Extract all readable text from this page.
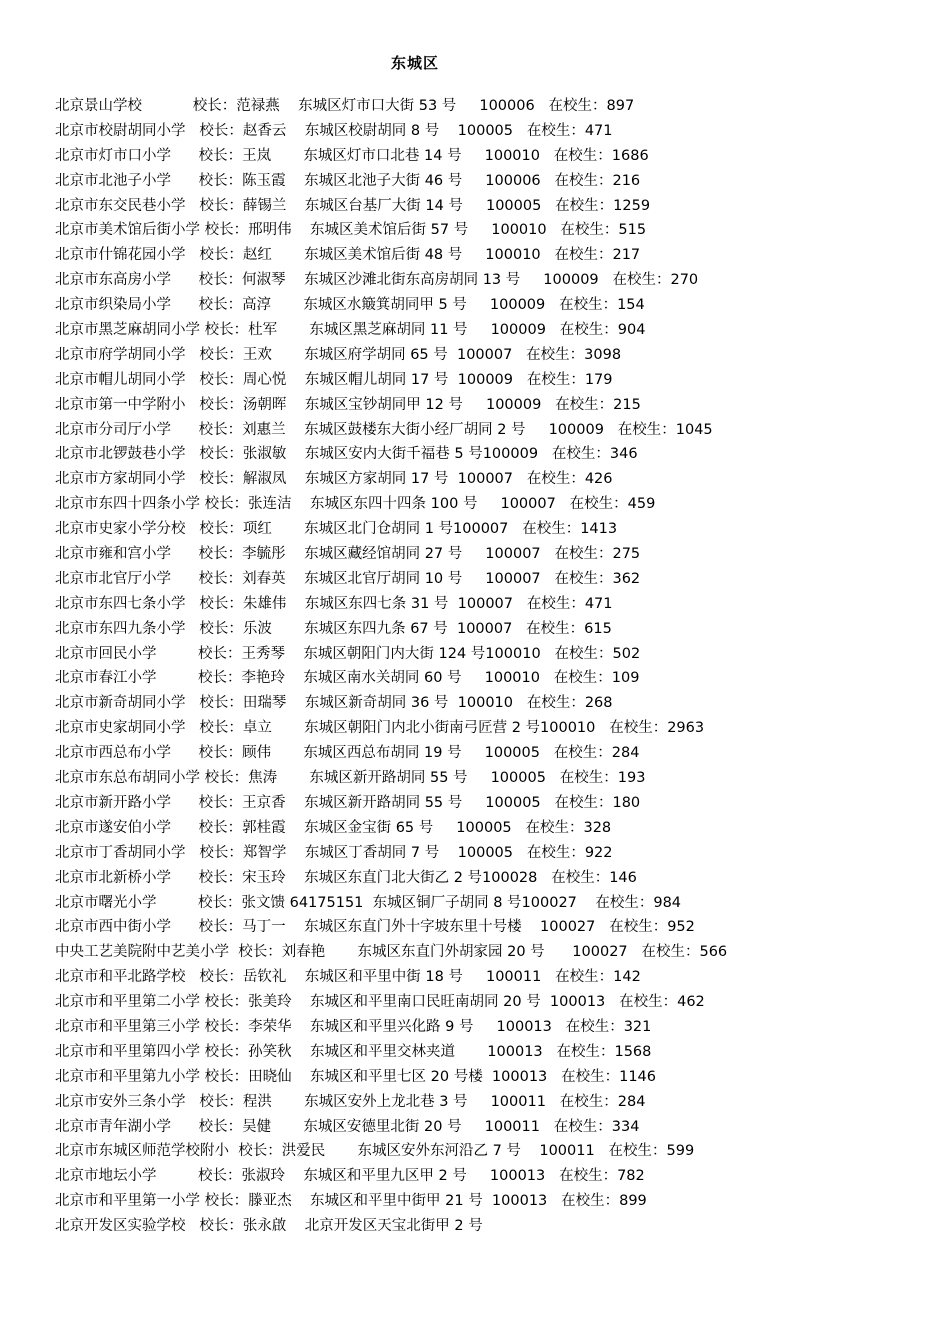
东城区
北京景山学校           校长：范禄燕    东城区灯市口大街 53 号     100006   在校生：897
北京市校尉胡同小学   校长：赵香云    东城区校尉胡同 8 号    100005   在校生：471
北京市灯市口小学      校长：王岚       东城区灯市口北巷 14 号     100010   在校生：1686
北京市北池子小学      校长：陈玉霞    东城区北池子大街 46 号     100006   在校生：216
北京市东交民巷小学   校长：薛锡兰    东城区台基厂大街 14 号     100005   在校生：1259
北京市美术馆后街小学 校长：邢明伟    东城区美术馆后街 57 号     100010   在校生：515
北京市什锦花园小学   校长：赵红       东城区美术馆后街 48 号     100010   在校生：217
北京市东高房小学      校长：何淑琴    东城区沙滩北街东高房胡同 13 号     100009   在校生：270
北京市织染局小学      校长：高淳       东城区水簸箕胡同甲 5 号     100009   在校生：154
北京市黑芝麻胡同小学 校长：杜军       东城区黑芝麻胡同 11 号     100009   在校生：904
北京市府学胡同小学   校长：王欢       东城区府学胡同 65 号  100007   在校生：3098
北京市帽儿胡同小学   校长：周心悦    东城区帽儿胡同 17 号  100009   在校生：179
北京市第一中学附小   校长：汤朝晖    东城区宝钞胡同甲 12 号     100009   在校生：215
北京市分司厅小学      校长：刘惠兰    东城区鼓楼东大街小经厂胡同 2 号     100009   在校生：1045
北京市北锣鼓巷小学   校长：张淑敏    东城区安内大街千福巷 5 号100009   在校生：346
北京市方家胡同小学   校长：解淑凤    东城区方家胡同 17 号  100007   在校生：426
北京市东四十四条小学 校长：张连洁    东城区东四十四条 100 号     100007   在校生：459
北京市史家小学分校   校长：项红       东城区北门仓胡同 1 号100007   在校生：1413
北京市雍和宫小学      校长：李毓彤    东城区藏经馆胡同 27 号     100007   在校生：275
北京市北官厅小学      校长：刘春英    东城区北官厅胡同 10 号     100007   在校生：362
北京市东四七条小学   校长：朱雄伟    东城区东四七条 31 号  100007   在校生：471
北京市东四九条小学   校长：乐波       东城区东四九条 67 号  100007   在校生：615
北京市回民小学         校长：王秀琴    东城区朝阳门内大街 124 号100010   在校生：502
北京市春江小学         校长：李艳玲    东城区南水关胡同 60 号     100010   在校生：109
北京市新奇胡同小学   校长：田瑞琴    东城区新奇胡同 36 号  100010   在校生：268
北京市史家胡同小学   校长：卓立       东城区朝阳门内北小街南弓匠营 2 号100010   在校生：2963
北京市西总布小学      校长：顾伟       东城区西总布胡同 19 号     100005   在校生：284
北京市东总布胡同小学 校长：焦涛       东城区新开路胡同 55 号     100005   在校生：193
北京市新开路小学      校长：王京香    东城区新开路胡同 55 号     100005   在校生：180
北京市遂安伯小学      校长：郭桂霞    东城区金宝街 65 号     100005   在校生：328
北京市丁香胡同小学   校长：郑智学    东城区丁香胡同 7 号    100005   在校生：922
北京市北新桥小学      校长：宋玉玲    东城区东直门北大街乙 2 号100028   在校生：146
北京市曙光小学         校长：张文馈 64175151  东城区铜厂子胡同 8 号100027    在校生：984
北京市西中街小学      校长：马丁一    东城区东直门外十字坡东里十号楼    100027   在校生：952
中央工艺美院附中艺美小学  校长：刘春艳       东城区东直门外胡家园 20 号      100027   在校生：566
北京市和平北路学校   校长：岳钦礼    东城区和平里中街 18 号     100011   在校生：142
北京市和平里第二小学 校长：张美玲    东城区和平里南口民旺南胡同 20 号  100013   在校生：462
北京市和平里第三小学 校长：李荣华    东城区和平里兴化路 9 号     100013   在校生：321
北京市和平里第四小学 校长：孙笑秋    东城区和平里交林夹道       100013   在校生：1568
北京市和平里第九小学 校长：田晓仙    东城区和平里七区 20 号楼  100013   在校生：1146
北京市安外三条小学   校长：程洪       东城区安外上龙北巷 3 号     100011   在校生：284
北京市青年湖小学      校长：吴健       东城区安德里北街 20 号     100011   在校生：334
北京市东城区师范学校附小  校长：洪爱民       东城区安外东河沿乙 7 号    100011   在校生：599
北京市地坛小学         校长：张淑玲    东城区和平里九区甲 2 号     100013   在校生：782
北京市和平里第一小学 校长：滕亚杰    东城区和平里中街甲 21 号  100013   在校生：899
北京开发区实验学校   校长：张永啟    北京开发区天宝北街甲 2 号
